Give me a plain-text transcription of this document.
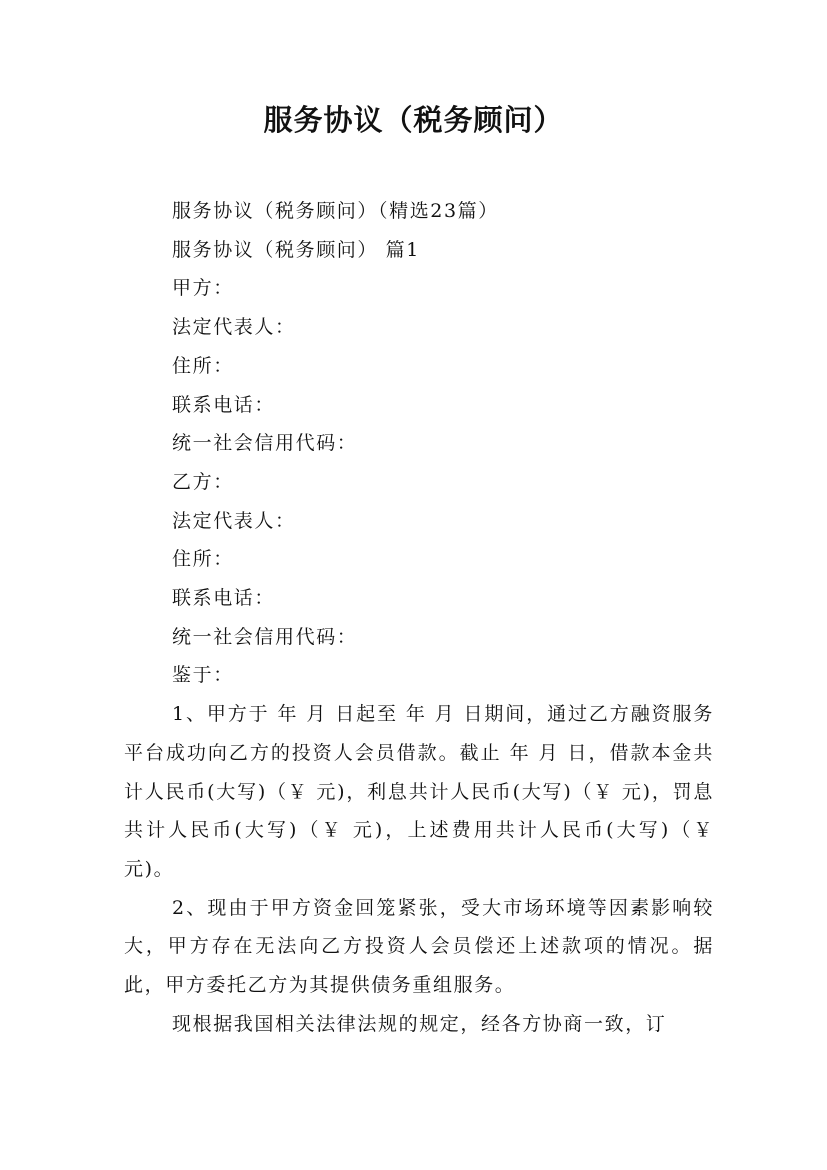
服务协议（税务顾问）

服务协议（税务顾问）（精选23篇）

服务协议（税务顾问） 篇1

甲方：

法定代表人：

住所：

联系电话：

统一社会信用代码：

乙方：

法定代表人：

住所：

联系电话：

统一社会信用代码：

鉴于：

1、甲方于 年 月 日起至 年 月 日期间，通过乙方融资服务平台成功向乙方的投资人会员借款。截止 年 月 日，借款本金共计人民币(大写)（￥ 元)，利息共计人民币(大写)（￥ 元)，罚息共计人民币(大写)（￥ 元)，上述费用共计人民币(大写)（￥ 元)。

2、现由于甲方资金回笼紧张，受大市场环境等因素影响较大，甲方存在无法向乙方投资人会员偿还上述款项的情况。据此，甲方委托乙方为其提供债务重组服务。

现根据我国相关法律法规的规定，经各方协商一致，订
